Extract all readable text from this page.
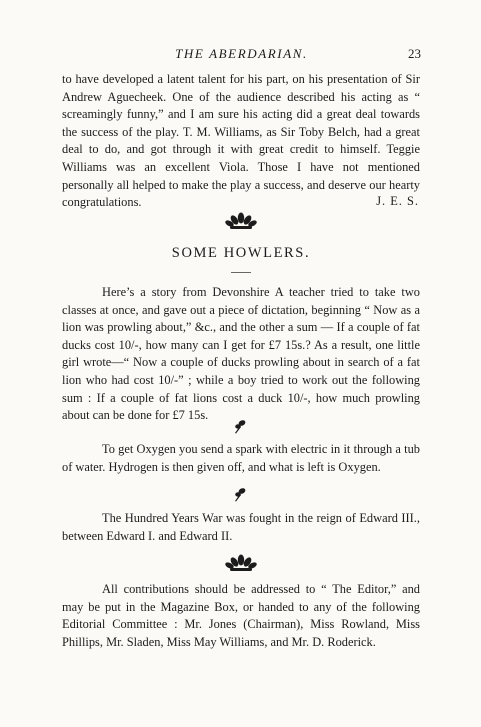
THE ABERDARIAN.	23

to have developed a latent talent for his part, on his presentation of Sir Andrew Aguecheek. One of the audience described his acting as “ screamingly funny,” and I am sure his acting did a great deal towards the success of the play. T. M. Williams, as Sir Toby Belch, had a great deal to do, and got through it with great credit to himself. Teggie Williams was an excellent Viola. Those I have not mentioned personally all helped to make the play a success, and deserve our hearty congratulations.	J. E. S.
SOME HOWLERS.

Here’s a story from Devonshire A teacher tried to take two classes at once, and gave out a piece of dictation, beginning “ Now as a lion was prowling about,” &c., and the other a sum — If a couple of fat ducks cost 10/-, how many can I get for £7 15s.? As a result, one little girl wrote—“ Now a couple of ducks prowling about in search of a fat lion who had cost 10/-” ; while a boy tried to work out the following sum : If a couple of fat lions cost a duck 10/-, how much prowling about can be done for £7 15s.

To get Oxygen you send a spark with electric in it through a tub of water. Hydrogen is then given off, and what is left is Oxygen.

The Hundred Years War was fought in the reign of Edward III., between Edward I. and Edward II.

All contributions should be addressed to “ The Editor,” and may be put in the Magazine Box, or handed to any of the following Editorial Committee : Mr. Jones (Chairman), Miss Rowland, Miss Phillips, Mr. Sladen, Miss May Williams, and Mr. D. Roderick.
